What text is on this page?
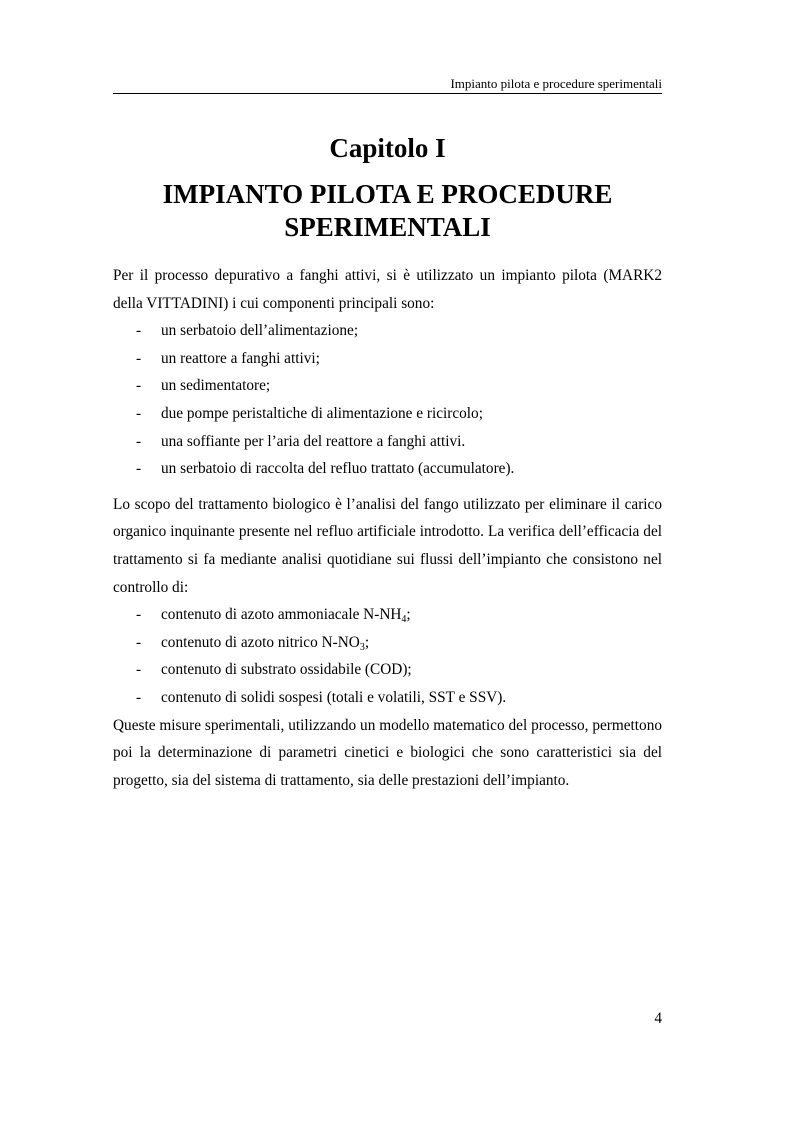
Impianto pilota e procedure sperimentali
Capitolo I
IMPIANTO PILOTA E PROCEDURE
SPERIMENTALI

Per il processo depurativo a fanghi attivi, si è utilizzato un impianto pilota (MARK2 della VITTADINI) i cui componenti principali sono:

- un serbatoio dell’alimentazione;
- un reattore a fanghi attivi;
- un sedimentatore;
- due pompe peristaltiche di alimentazione e ricircolo;
- una soffiante per l’aria del reattore a fanghi attivi.
- un serbatoio di raccolta del refluo trattato (accumulatore).

Lo scopo del trattamento biologico è l’analisi del fango utilizzato per eliminare il carico organico inquinante presente nel refluo artificiale introdotto. La verifica dell’efficacia del trattamento si fa mediante analisi quotidiane sui flussi dell’impianto che consistono nel controllo di:

- contenuto di azoto ammoniacale $N-NH_4$;
- contenuto di azoto nitrico $N-NO_3$;
- contenuto di substrato ossidabile (COD);
- contenuto di solidi sospesi (totali e volatili, SST e SSV).

Queste misure sperimentali, utilizzando un modello matematico del processo, permettono poi la determinazione di parametri cinetici e biologici che sono caratteristici sia del progetto, sia del sistema di trattamento, sia delle prestazioni dell’impianto.

4
